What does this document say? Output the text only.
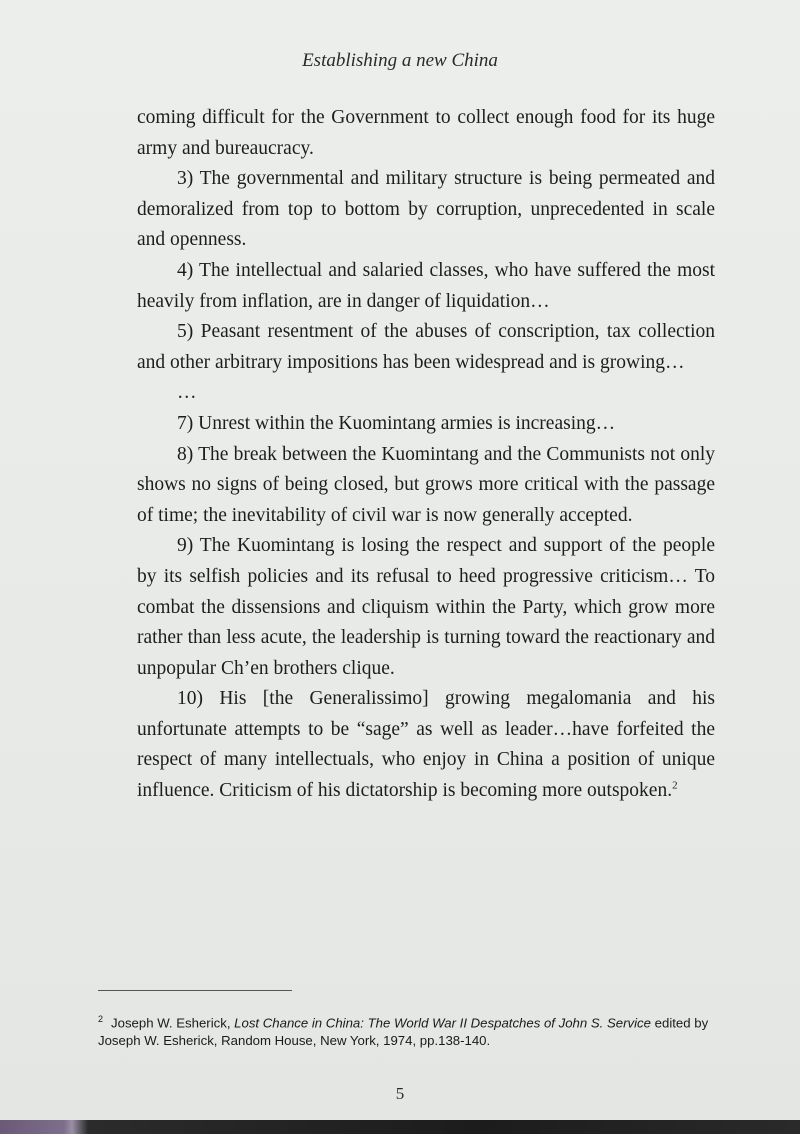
Establishing a new China

coming difficult for the Government to collect enough food for its huge army and bureaucracy.

3) The governmental and military structure is being permeated and demoralized from top to bottom by corruption, unprecedented in scale and openness.

4) The intellectual and salaried classes, who have suffered the most heavily from inflation, are in danger of liquidation…

5) Peasant resentment of the abuses of conscription, tax collection and other arbitrary impositions has been widespread and is growing…

…

7) Unrest within the Kuomintang armies is increasing…

8) The break between the Kuomintang and the Communists not only shows no signs of being closed, but grows more critical with the passage of time; the inevitability of civil war is now generally accepted.

9) The Kuomintang is losing the respect and support of the people by its selfish policies and its refusal to heed progressive criticism… To combat the dissensions and cliquism within the Party, which grow more rather than less acute, the leadership is turning toward the reactionary and unpopular Ch’en brothers clique.

10) His [the Generalissimo] growing megalomania and his unfortunate attempts to be “sage” as well as leader…have forfeited the respect of many intellectuals, who enjoy in China a position of unique influence. Criticism of his dictatorship is becoming more outspoken.$^2$

$^2$ Joseph W. Esherick, Lost Chance in China: The World War II Despatches of John S. Service edited by Joseph W. Esherick, Random House, New York, 1974, pp.138-140.
5
